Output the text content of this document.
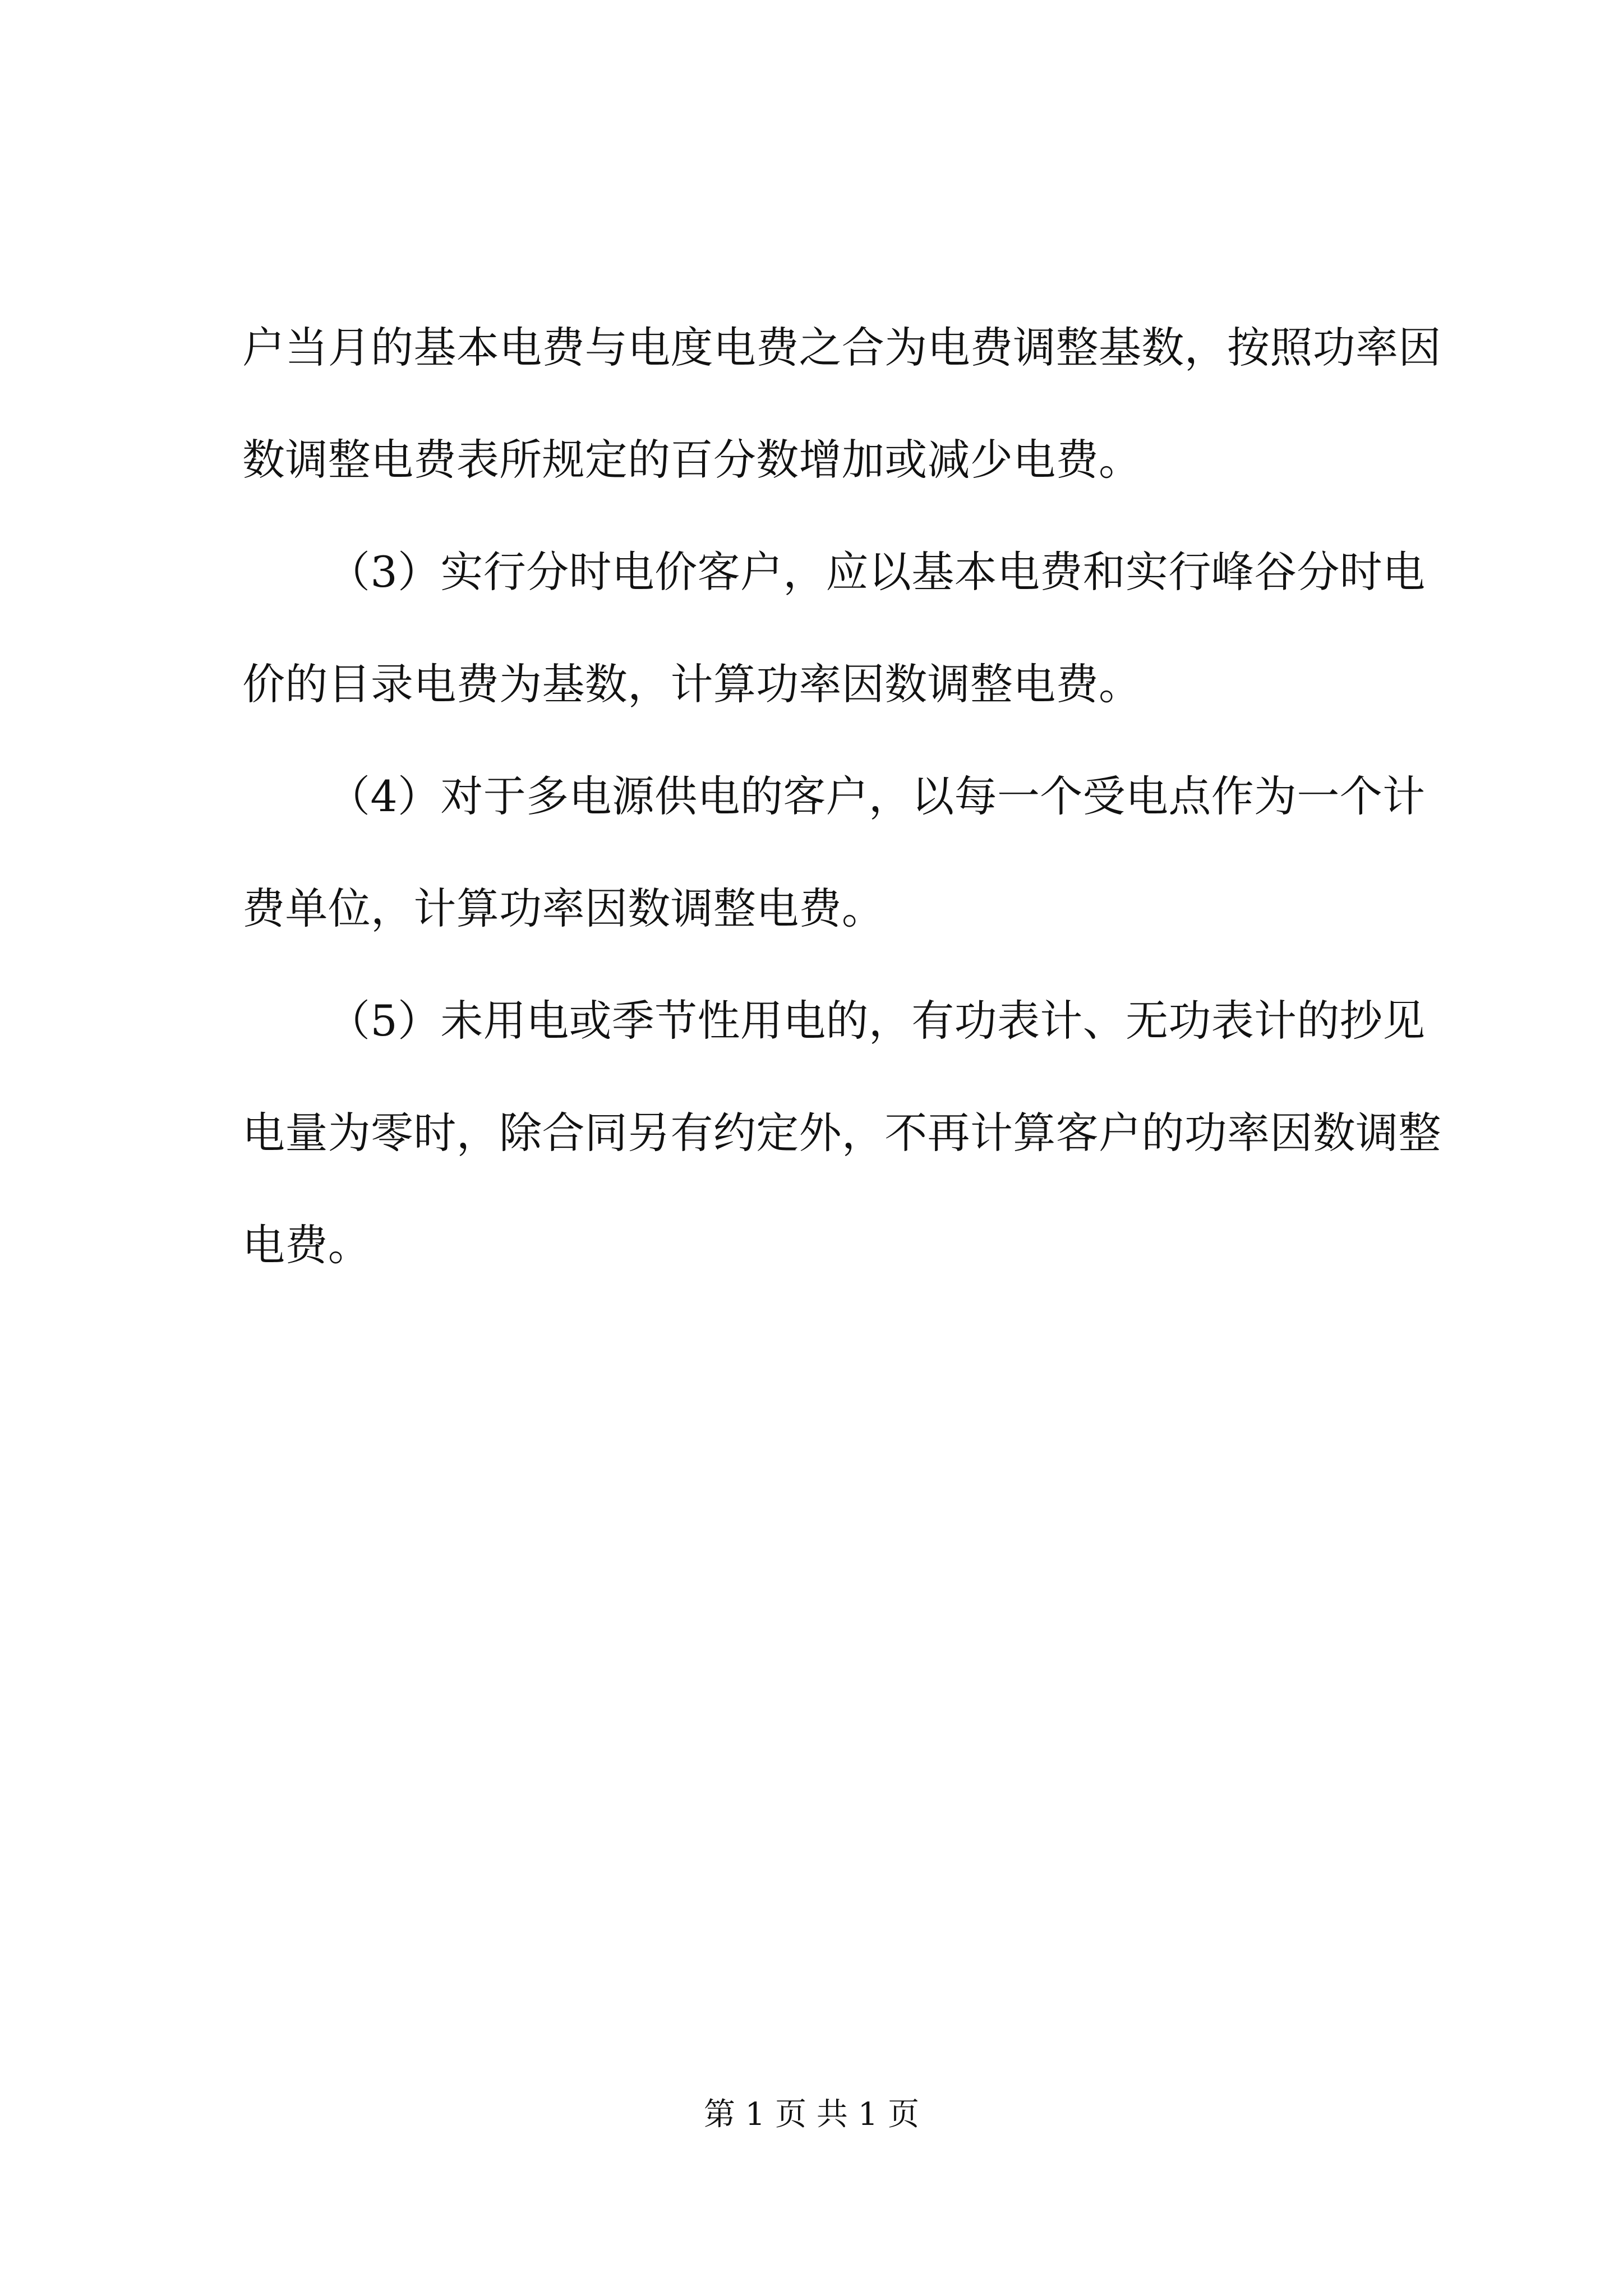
户当月的基本电费与电度电费之合为电费调整基数，按照功率因
数调整电费表所规定的百分数增加或减少电费。
（3）实行分时电价客户，应以基本电费和实行峰谷分时电
价的目录电费为基数，计算功率因数调整电费。
（4）对于多电源供电的客户，以每一个受电点作为一个计
费单位，计算功率因数调整电费。
（5）未用电或季节性用电的，有功表计、无功表计的抄见
电量为零时，除合同另有约定外，不再计算客户的功率因数调整
电费。
第 1 页 共 1 页
